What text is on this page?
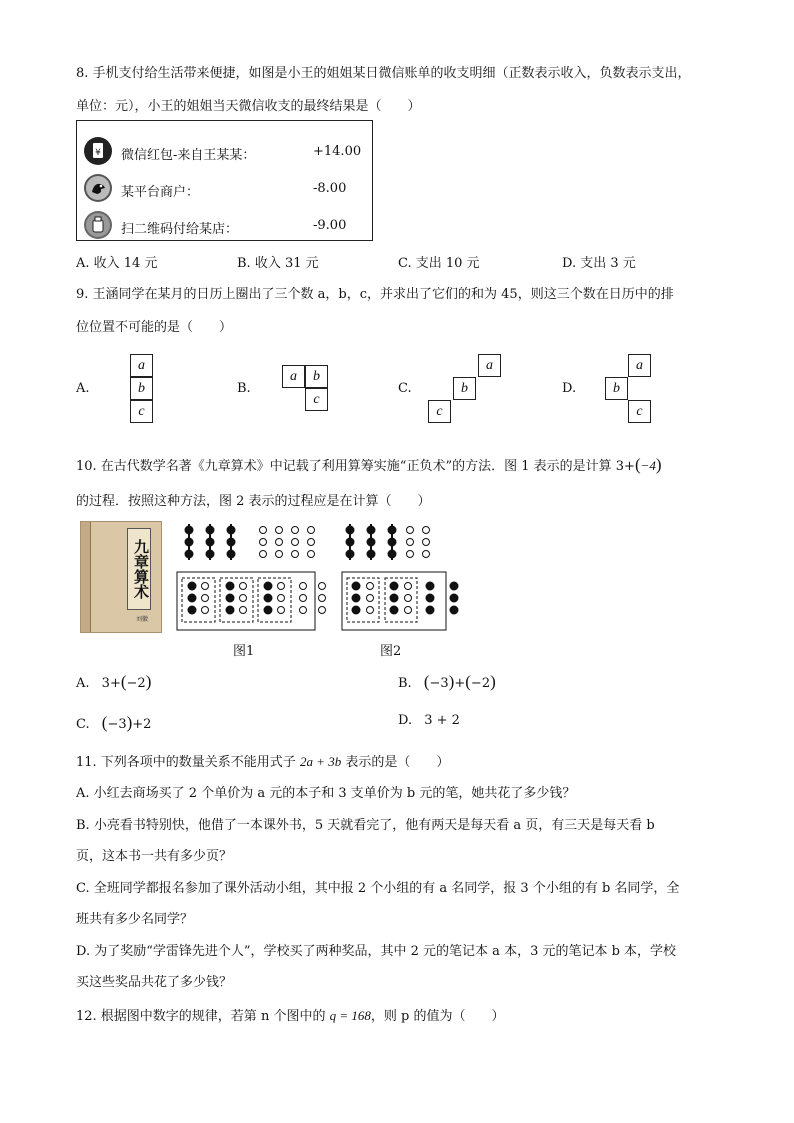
8. 手机支付给生活带来便捷，如图是小王的姐姐某日微信账单的收支明细（正数表示收入，负数表示支出，
单位：元），小王的姐姐当天微信收支的最终结果是（　　）
¥ 微信红包-来自王某某：	+14.00
某平台商户：	-8.00
扫二维码付给某店：	-9.00
A. 收入 14 元	B. 收入 31 元	C. 支出 10 元	D. 支出 3 元
9. 王涵同学在某月的日历上圈出了三个数 a，b，c，并求出了它们的和为 45，则这三个数在日历中的排
位位置不可能的是（　　）
A.
a
b
c
B.
a	b
c
C.
a
b
c
D.
a
b
c
10. 在古代数学名著《九章算术》中记载了利用算筹实施“正负术”的方法．图 1 表示的是计算 3+(−4)
的过程．按照这种方法，图 2 表示的过程应是在计算（　　）
九章算术
刘徽
图1	图2
A. 3+(−2)	B. (−3)+(−2)
C. (−3)+2	D. 3 + 2
11. 下列各项中的数量关系不能用式子 2a + 3b 表示的是（　　）
A. 小红去商场买了 2 个单价为 a 元的本子和 3 支单价为 b 元的笔，她共花了多少钱？
B. 小亮看书特别快，他借了一本课外书，5 天就看完了，他有两天是每天看 a 页，有三天是每天看 b
页，这本书一共有多少页？
C. 全班同学都报名参加了课外活动小组，其中报 2 个小组的有 a 名同学，报 3 个小组的有 b 名同学，全
班共有多少名同学？
D. 为了奖励“学雷锋先进个人”，学校买了两种奖品，其中 2 元的笔记本 a 本，3 元的笔记本 b 本，学校
买这些奖品共花了多少钱？
12. 根据图中数字的规律，若第 n 个图中的 q = 168，则 p 的值为（　　）
